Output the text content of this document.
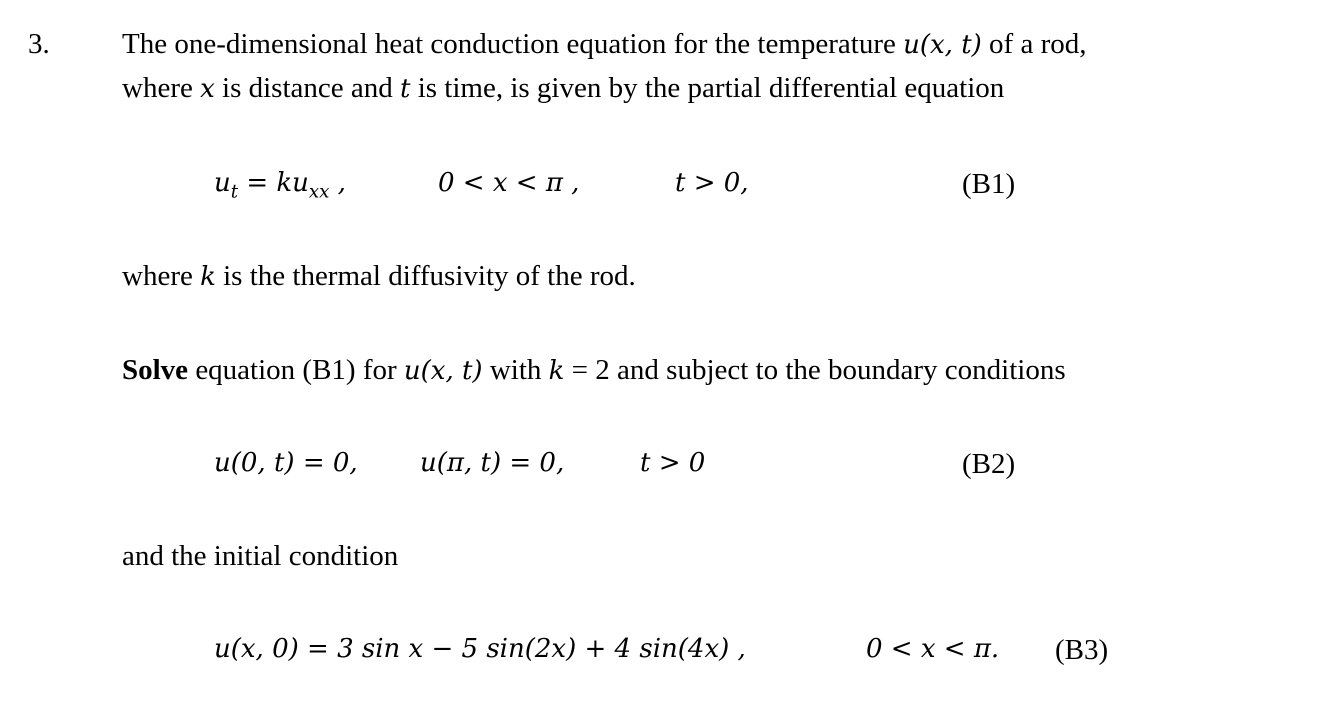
3. The one-dimensional heat conduction equation for the temperature u(x, t) of a rod,
where x is distance and t is time, is given by the partial differential equation
$u_t = ku_{xx}$ ,	0 < x < π ,	t > 0,	(B1)
where k is the thermal diffusivity of the rod.
Solve equation (B1) for u(x, t) with k = 2 and subject to the boundary conditions
u(0, t) = 0, u(π, t) = 0,	t > 0	(B2)
and the initial condition
u(x, 0) = 3 sin x − 5 sin(2x) + 4 sin(4x) ,	0 < x < π. (B3)
